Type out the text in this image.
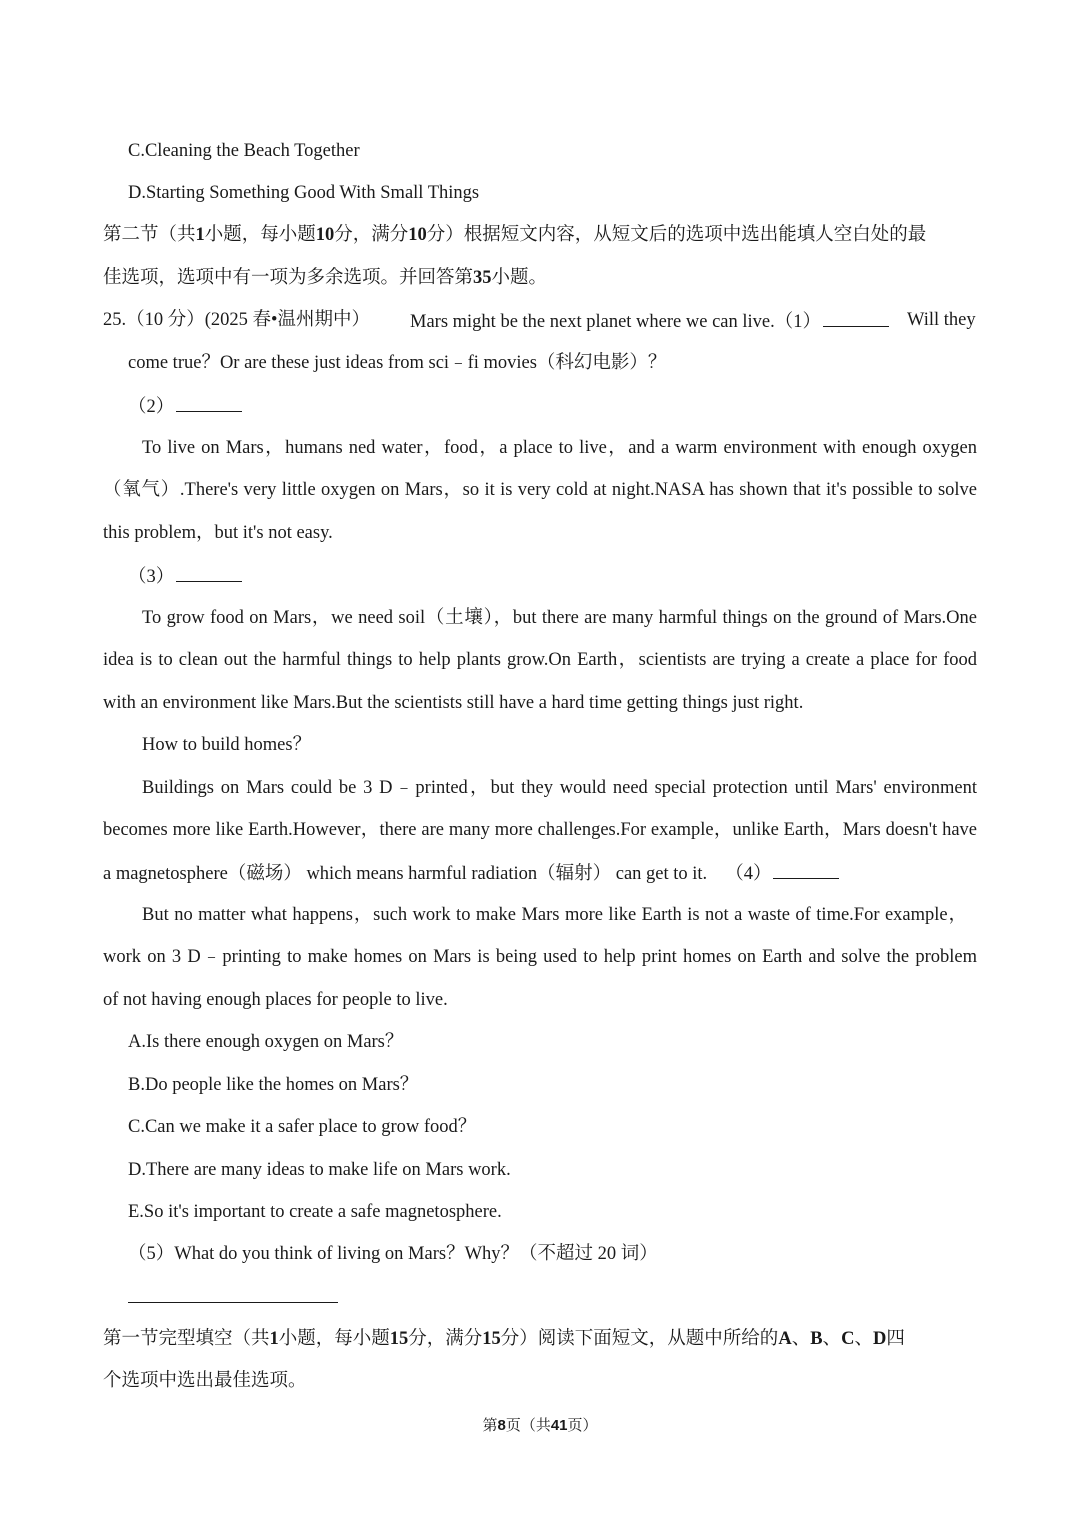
C.Cleaning the Beach Together
D.Starting Something Good With Small Things
第二节（共1小题，每小题10分，满分10分）根据短文内容，从短文后的选项中选出能填人空白处的最
佳选项，选项中有一项为多余选项。并回答第35小题。
25.（10 分）(2025 春•温州期中）	Mars might be the next planet where we can live.（1）	Will they
come true？Or are these just ideas from sci﹣fi movies（科幻电影）？
（2）
To live on Mars，humans ned water，food，a place to live，and a warm environment with enough oxygen
（氧气）.There's very little oxygen on Mars，so it is very cold at night.NASA has shown that it's possible to solve
this problem，but it's not easy.
（3）
To grow food on Mars，we need soil（土壤），but there are many harmful things on the ground of Mars.One
idea is to clean out the harmful things to help plants grow.On Earth，scientists are trying a create a place for food
with an environment like Mars.But the scientists still have a hard time getting things just right.
How to build homes？
Buildings on Mars could be 3 D﹣printed，but they would need special protection until Mars' environment
becomes more like Earth.However，there are many more challenges.For example，unlike Earth，Mars doesn't have
a magnetosphere（磁场） which means harmful radiation（辐射） can get to it. （4）
But no matter what happens，such work to make Mars more like Earth is not a waste of time.For example，
work on 3 D﹣printing to make homes on Mars is being used to help print homes on Earth and solve the problem
of not having enough places for people to live.
A.Is there enough oxygen on Mars？
B.Do people like the homes on Mars？
C.Can we make it a safer place to grow food？
D.There are many ideas to make life on Mars work.
E.So it's important to create a safe magnetosphere.
（5）What do you think of living on Mars？Why？（不超过 20 词）
第一节完型填空（共1小题，每小题15分，满分15分）阅读下面短文，从题中所给的A、B、C、D四
个选项中选出最佳选项。
第8页（共41页）
